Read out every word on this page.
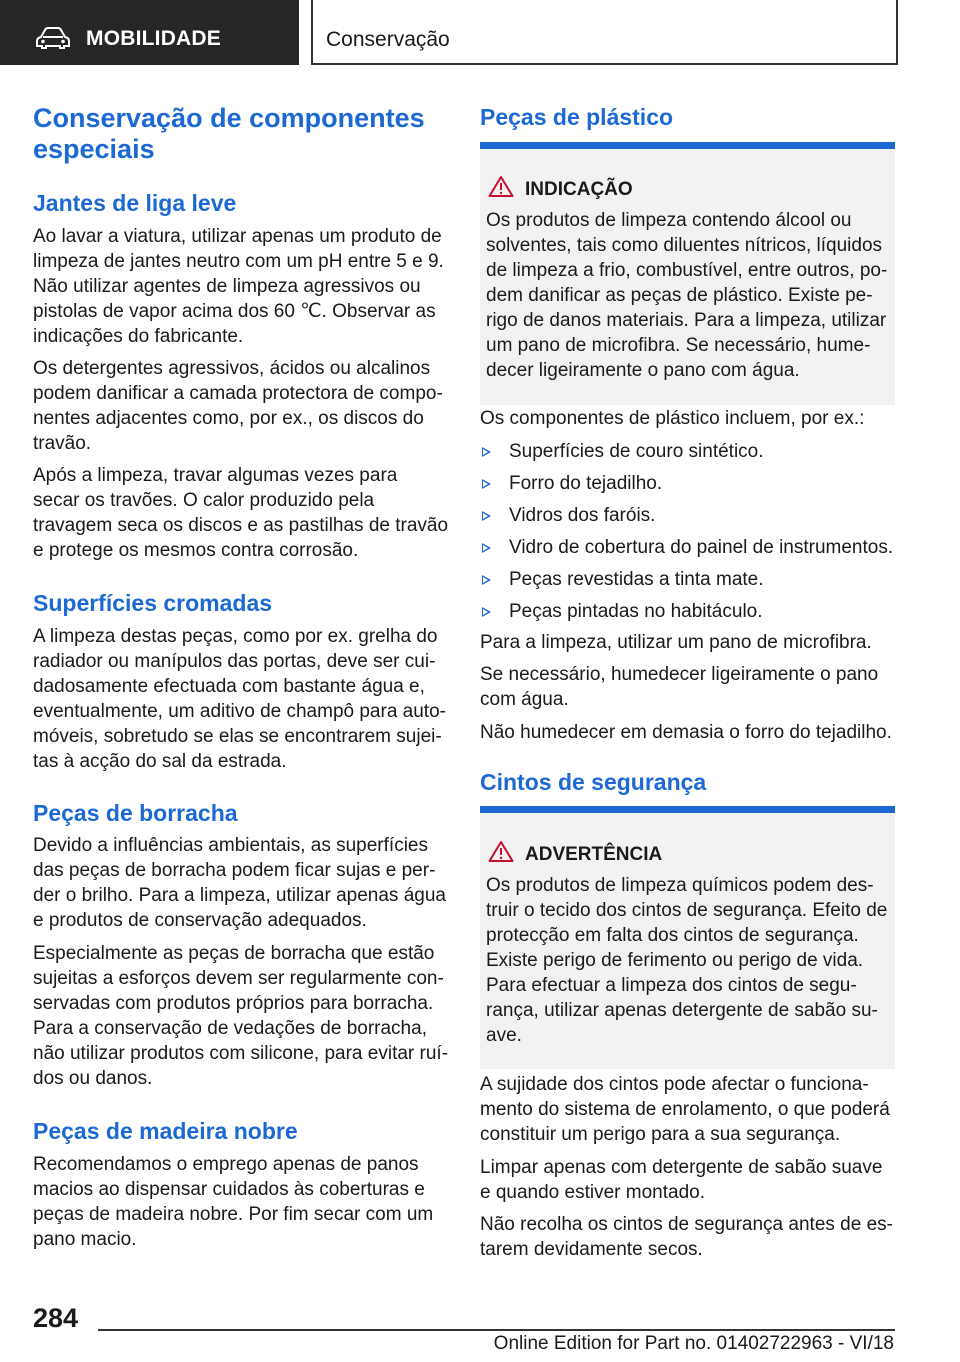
MOBILIDADE	Conservação
Conservação de componentes especiais
Jantes de liga leve

Ao lavar a viatura, utilizar apenas um produto de limpeza de jantes neutro com um pH entre 5 e 9. Não utilizar agentes de limpeza agressivos ou pistolas de vapor acima dos 60 ℃. Observar as indicações do fabricante.

Os detergentes agressivos, ácidos ou alcalinos podem danificar a camada protectora de componentes adjacentes como, por ex., os discos do travão.

Após a limpeza, travar algumas vezes para secar os travões. O calor produzido pela travagem seca os discos e as pastilhas de travão e protege os mesmos contra corrosão.

Superfícies cromadas

A limpeza destas peças, como por ex. grelha do radiador ou manípulos das portas, deve ser cuidadosamente efectuada com bastante água e, eventualmente, um aditivo de champô para automóveis, sobretudo se elas se encontrarem sujeitas à acção do sal da estrada.

Peças de borracha

Devido a influências ambientais, as superfícies das peças de borracha podem ficar sujas e perder o brilho. Para a limpeza, utilizar apenas água e produtos de conservação adequados.

Especialmente as peças de borracha que estão sujeitas a esforços devem ser regularmente conservadas com produtos próprios para borracha. Para a conservação de vedações de borracha, não utilizar produtos com silicone, para evitar ruídos ou danos.

Peças de madeira nobre

Recomendamos o emprego apenas de panos macios ao dispensar cuidados às coberturas e peças de madeira nobre. Por fim secar com um pano macio.

Peças de plástico
INDICAÇÃO

Os produtos de limpeza contendo álcool ou solventes, tais como diluentes nítricos, líquidos de limpeza a frio, combustível, entre outros, podem danificar as peças de plástico. Existe perigo de danos materiais. Para a limpeza, utilizar um pano de microfibra. Se necessário, humedecer ligeiramente o pano com água.

Os componentes de plástico incluem, por ex.:

Superfícies de couro sintético.
Forro do tejadilho.
Vidros dos faróis.
Vidro de cobertura do painel de instrumentos.
Peças revestidas a tinta mate.
Peças pintadas no habitáculo.

Para a limpeza, utilizar um pano de microfibra.

Se necessário, humedecer ligeiramente o pano com água.

Não humedecer em demasia o forro do tejadilho.

Cintos de segurança
ADVERTÊNCIA

Os produtos de limpeza químicos podem destruir o tecido dos cintos de segurança. Efeito de protecção em falta dos cintos de segurança. Existe perigo de ferimento ou perigo de vida. Para efectuar a limpeza dos cintos de segurança, utilizar apenas detergente de sabão suave.

A sujidade dos cintos pode afectar o funcionamento do sistema de enrolamento, o que poderá constituir um perigo para a sua segurança.

Limpar apenas com detergente de sabão suave e quando estiver montado.

Não recolha os cintos de segurança antes de estarem devidamente secos.

284
Online Edition for Part no. 01402722963 - VI/18
